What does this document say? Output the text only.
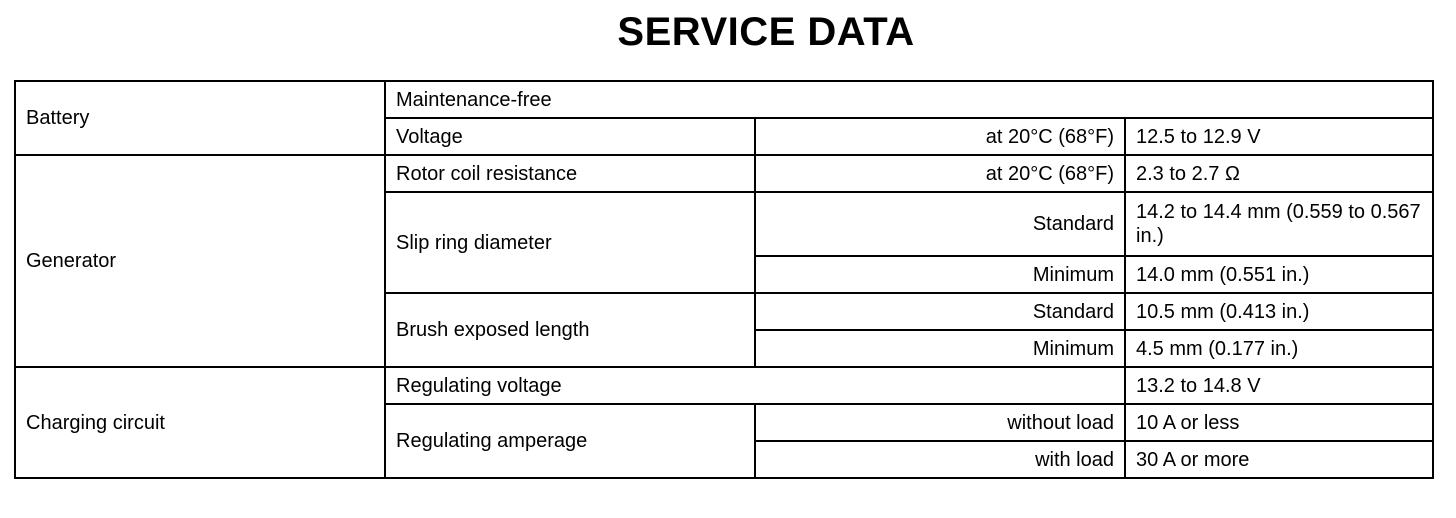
SERVICE DATA
Battery	Maintenance-free		
	Voltage	at 20°C (68°F)	12.5 to 12.9 V
Generator	Rotor coil resistance	at 20°C (68°F)	2.3 to 2.7 Ω
	Slip ring diameter	Standard	14.2 to 14.4 mm (0.559 to 0.567 in.)
		Minimum	14.0 mm (0.551 in.)
	Brush exposed length	Standard	10.5 mm (0.413 in.)
		Minimum	4.5 mm (0.177 in.)
Charging circuit	Regulating voltage		13.2 to 14.8 V
	Regulating amperage	without load	10 A or less
		with load	30 A or more
